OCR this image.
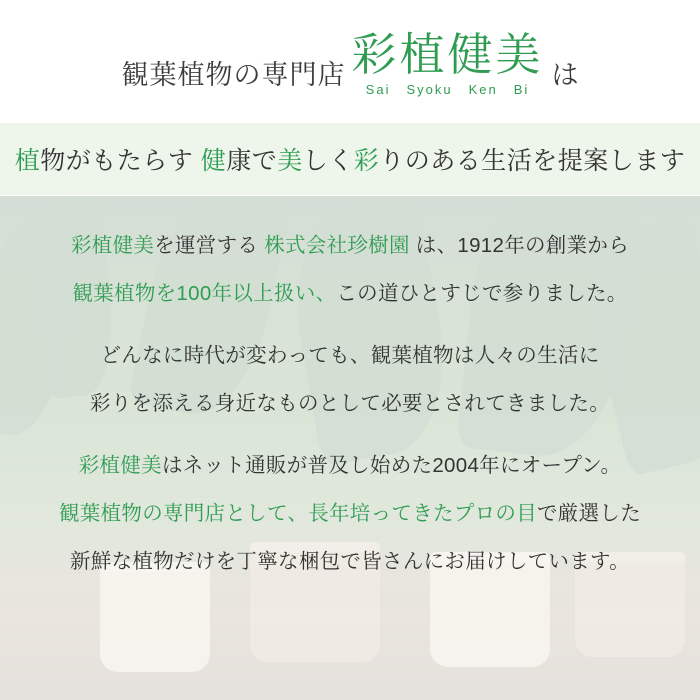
観葉植物の専門店 彩植健美
Sai Syoku Ken Bi は
植物がもたらす 健康で美しく彩りのある生活を提案します

彩植健美を運営する 株式会社珍樹園 は、1912年の創業から

観葉植物を100年以上扱い、この道ひとすじで参りました。

どんなに時代が変わっても、観葉植物は人々の生活に

彩りを添える身近なものとして必要とされてきました。

彩植健美はネット通販が普及し始めた2004年にオープン。

観葉植物の専門店として、長年培ってきたプロの目で厳選した

新鮮な植物だけを丁寧な梱包で皆さんにお届けしています。
